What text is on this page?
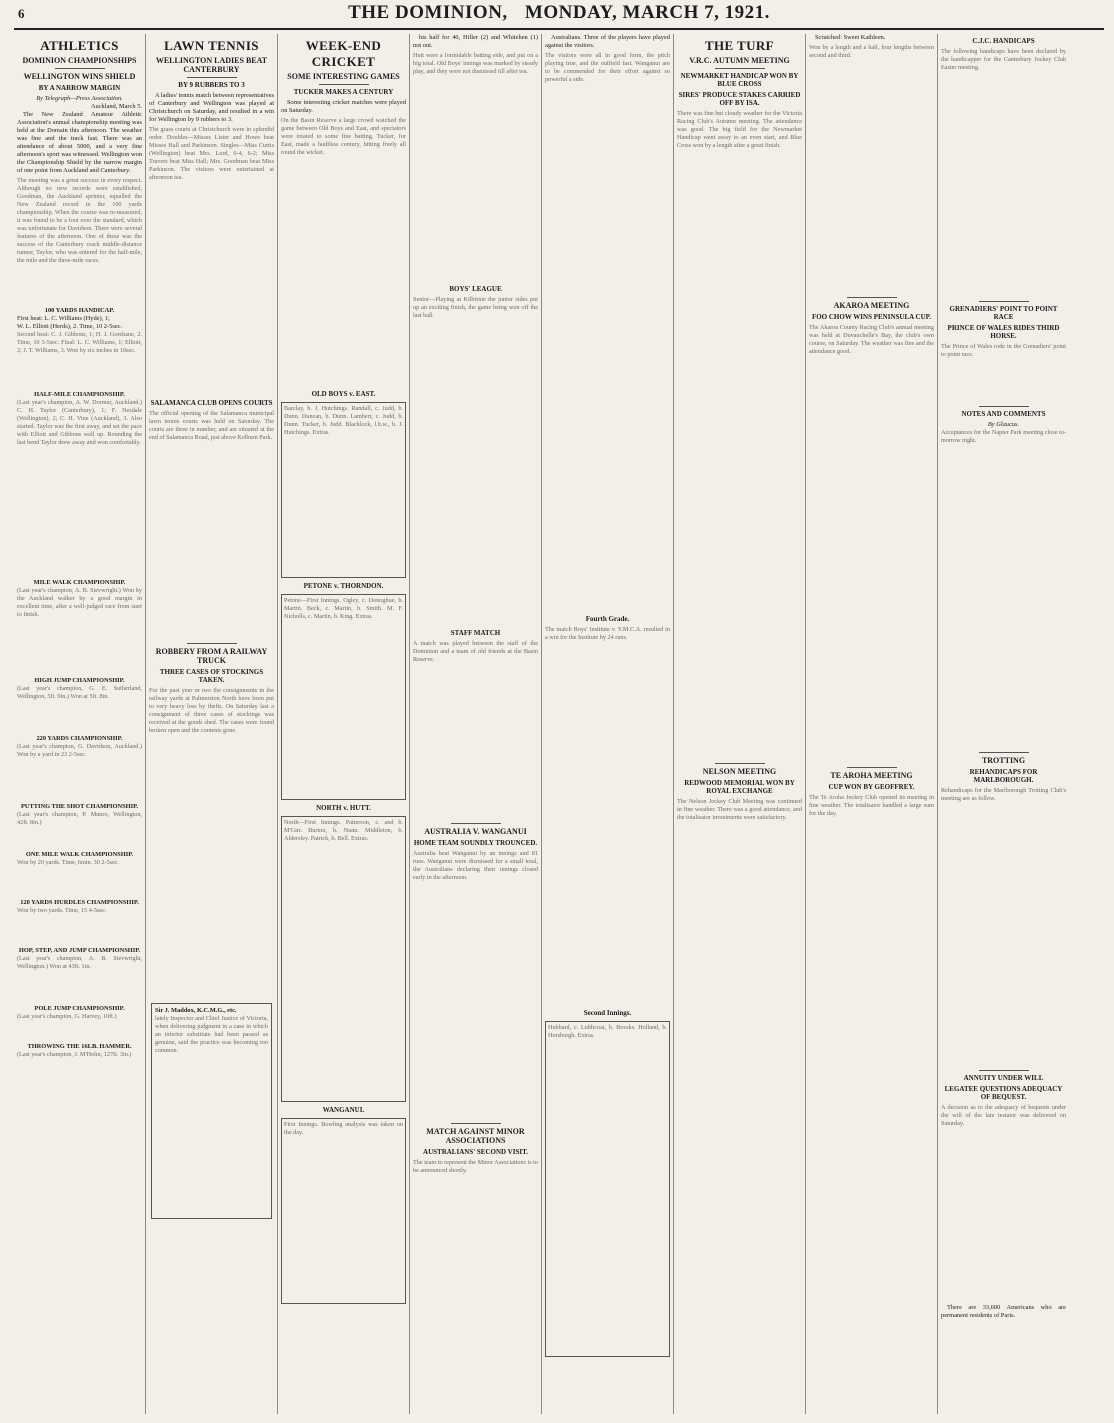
6	THE DOMINION, MONDAY, MARCH 7, 1921.
ATHLETICS
DOMINION CHAMPIONSHIPS
WELLINGTON WINS SHIELD
BY A NARROW MARGIN
By Telegraph—Press Association.
Auckland, March 5.
The New Zealand Amateur Athletic Association's annual championship meeting was held at the Domain this afternoon. The weather was fine and the track fast. There was an attendance of about 5000, and a very fine afternoon's sport was witnessed. Wellington won the Championship Shield by the narrow margin of one point from Auckland and Canterbury.
The meeting was a great success in every respect. Although no new records were established, Goodman, the Auckland sprinter, equalled the New Zealand record in the 100 yards championship. When the course was re-measured, it was found to be a foot over the standard, which was unfortunate for Davidson. There were several features of the afternoon. One of these was the success of the Canterbury crack middle-distance runner, Taylor, who was entered for the half-mile, the mile and the three-mile races.
100 YARDS HANDICAP.
First heat: L. C. Williams (Hyde), 1;
W. L. Elliott (Herds), 2. Time, 10 2-5sec.
Second heat: C. J. Gibbons, 1; H. J. Gorehane, 2. Time, 10 3-5sec. Final: L. C. Williams, 1; Elliott, 2; J. T. Williams, 3. Won by six inches in 10sec.
HALF-MILE CHAMPIONSHIP.
(Last year's champion, A. W. Dormer, Auckland.) C. H. Taylor (Canterbury), 1; F. Nesdale (Wellington), 2; C. H. Vine (Auckland), 3. Also started. Taylor was the first away, and set the pace with Elliott and Gibbons well up. Rounding the last bend Taylor drew away and won comfortably.
MILE WALK CHAMPIONSHIP.
(Last year's champion, A. B. Sievwright.) Won by the Auckland walker by a good margin in excellent time, after a well-judged race from start to finish.
HIGH JUMP CHAMPIONSHIP.
(Last year's champion, G. E. Sutherland, Wellington, 5ft. 9in.) Won at 5ft. 8in.
220 YARDS CHAMPIONSHIP.
(Last year's champion, G. Davidson, Auckland.) Won by a yard in 23 2-5sec.
PUTTING THE SHOT CHAMPIONSHIP.
(Last year's champion, P. Munro, Wellington, 42ft. 8in.)
ONE MILE WALK CHAMPIONSHIP.
Won by 20 yards. Time, 6min. 30 2-5sec.
120 YARDS HURDLES CHAMPIONSHIP.
Won by two yards. Time, 15 4-5sec.
HOP, STEP, AND JUMP CHAMPIONSHIP.
(Last year's champion, A. B. Sievwright, Wellington.) Won at 43ft. 1in.
POLE JUMP CHAMPIONSHIP.
(Last year's champion, G. Harvey, 10ft.)
THROWING THE 16LB. HAMMER.
(Last year's champion, J. M'Holm, 127ft. 3in.)
LAWN TENNIS
WELLINGTON LADIES BEAT CANTERBURY
BY 9 RUBBERS TO 3
A ladies' tennis match between representatives of Canterbury and Wellington was played at Christchurch on Saturday, and resulted in a win for Wellington by 9 rubbers to 3.
The grass courts at Christchurch were in splendid order. Doubles—Misses Lister and Howe beat Misses Hall and Parkinson. Singles—Miss Curtis (Wellington) beat Mrs. Lord, 6-4, 6-2; Miss Travers beat Miss Hall; Mrs. Goodman beat Miss Parkinson. The visitors were entertained at afternoon tea.
SALAMANCA CLUB OPENS COURTS
The official opening of the Salamanca municipal lawn tennis courts was held on Saturday. The courts are three in number, and are situated at the end of Salamanca Road, just above Kelburn Park.
ROBBERY FROM A RAILWAY TRUCK
THREE CASES OF STOCKINGS TAKEN.
For the past year or two the consignments in the railway yards at Palmerston North have been put to very heavy loss by thefts. On Saturday last a consignment of three cases of stockings was received at the goods shed. The cases were found broken open and the contents gone.
Sir J. Maddox, K.C.M.G., etc.
lately Inspector and Chief Justice of Victoria, when delivering judgment in a case in which an inferior substitute had been passed as genuine, said the practice was becoming too common.
WEEK-END CRICKET
SOME INTERESTING GAMES
TUCKER MAKES A CENTURY
Some interesting cricket matches were played on Saturday.
On the Basin Reserve a large crowd watched the game between Old Boys and East, and spectators were treated to some fine batting. Tucker, for East, made a faultless century, hitting freely all round the wicket.
OLD BOYS v. EAST.
Barclay, b. J. Hutchings. Randall, c. Judd, b. Dunn. Duncan, b. Dunn. Lambert, c. Judd, b. Dunn. Tucker, b. Judd. Blacklock, l.b.w., b. J. Hutchings. Extras.
PETONE v. THORNDON.
Petone—First Innings. Ogley, c. Donoghue, b. Martin. Beck, c. Martin, b. Smith. M. F. Nicholls, c. Martin, b. King. Extras.
NORTH v. HUTT.
North—First Innings. Patterson, c. and b. M'Girr. Burton, b. Nunn. Middleton, b. Aldersley. Patrick, b. Bell. Extras.
WANGANUI.
First Innings. Bowling analysis was taken on the day.
his half for 40, Hiller (2) and Whitehen (1) not out.
Hutt were a formidable batting side, and put on a big total. Old Boys' innings was marked by steady play, and they were not dismissed till after tea.
BOYS' LEAGUE
Senior—Playing at Kilbirnie the junior sides put up an exciting finish, the game being won off the last ball.
STAFF MATCH
A match was played between the staff of the Dominion and a team of old friends at the Basin Reserve.
AUSTRALIA V. WANGANUI
HOME TEAM SOUNDLY TROUNCED.
Australia beat Wanganui by an innings and 81 runs. Wanganui were dismissed for a small total, the Australians declaring their innings closed early in the afternoon.
MATCH AGAINST MINOR ASSOCIATIONS
AUSTRALIANS' SECOND VISIT.
The team to represent the Minor Associations is to be announced shortly.
Australians. Three of the players have played against the visitors.
The visitors were all in good form, the pitch playing true, and the outfield fast. Wanganui are to be commended for their effort against so powerful a side.
Fourth Grade.
The match Boys' Institute v. Y.M.C.A. resulted in a win for the Institute by 24 runs.
Second Innings.
Hubbard, c. Liddicoat, b. Brooks. Holland, b. Horsburgh. Extras.
THE TURF
V.R.C. AUTUMN MEETING
NEWMARKET HANDICAP WON BY BLUE CROSS
SIRES' PRODUCE STAKES CARRIED OFF BY ISA.
There was fine but cloudy weather for the Victoria Racing Club's Autumn meeting. The attendance was good. The big field for the Newmarket Handicap went away to an even start, and Blue Cross won by a length after a great finish.
NELSON MEETING
REDWOOD MEMORIAL WON BY ROYAL EXCHANGE
The Nelson Jockey Club Meeting was continued in fine weather. There was a good attendance, and the totalisator investments were satisfactory.
Scratched: Sweet Kathleen.
Won by a length and a half, four lengths between second and third.
AKAROA MEETING
FOO CHOW WINS PENINSULA CUP.
The Akaroa County Racing Club's annual meeting was held at Duvauchelle's Bay, the club's own course, on Saturday. The weather was fine and the attendance good.
TE AROHA MEETING
CUP WON BY GEOFFREY.
The Te Aroha Jockey Club opened its meeting in fine weather. The totalisator handled a large sum for the day.
C.J.C. HANDICAPS
The following handicaps have been declared by the handicapper for the Canterbury Jockey Club Easter meeting.
GRENADIERS' POINT TO POINT RACE
PRINCE OF WALES RIDES THIRD HORSE.
The Prince of Wales rode in the Grenadiers' point to point race.
NOTES AND COMMENTS
By Glaucus.
Acceptances for the Napier Park meeting close to-morrow night.
TROTTING
REHANDICAPS FOR MARLBOROUGH.
Rehandicaps for the Marlborough Trotting Club's meeting are as follow.
ANNUITY UNDER WILL
LEGATEE QUESTIONS ADEQUACY OF BEQUEST.
A decision as to the adequacy of bequests under the will of the late testator was delivered on Saturday.
There are 33,600 Americans who are permanent residents of Paris.
